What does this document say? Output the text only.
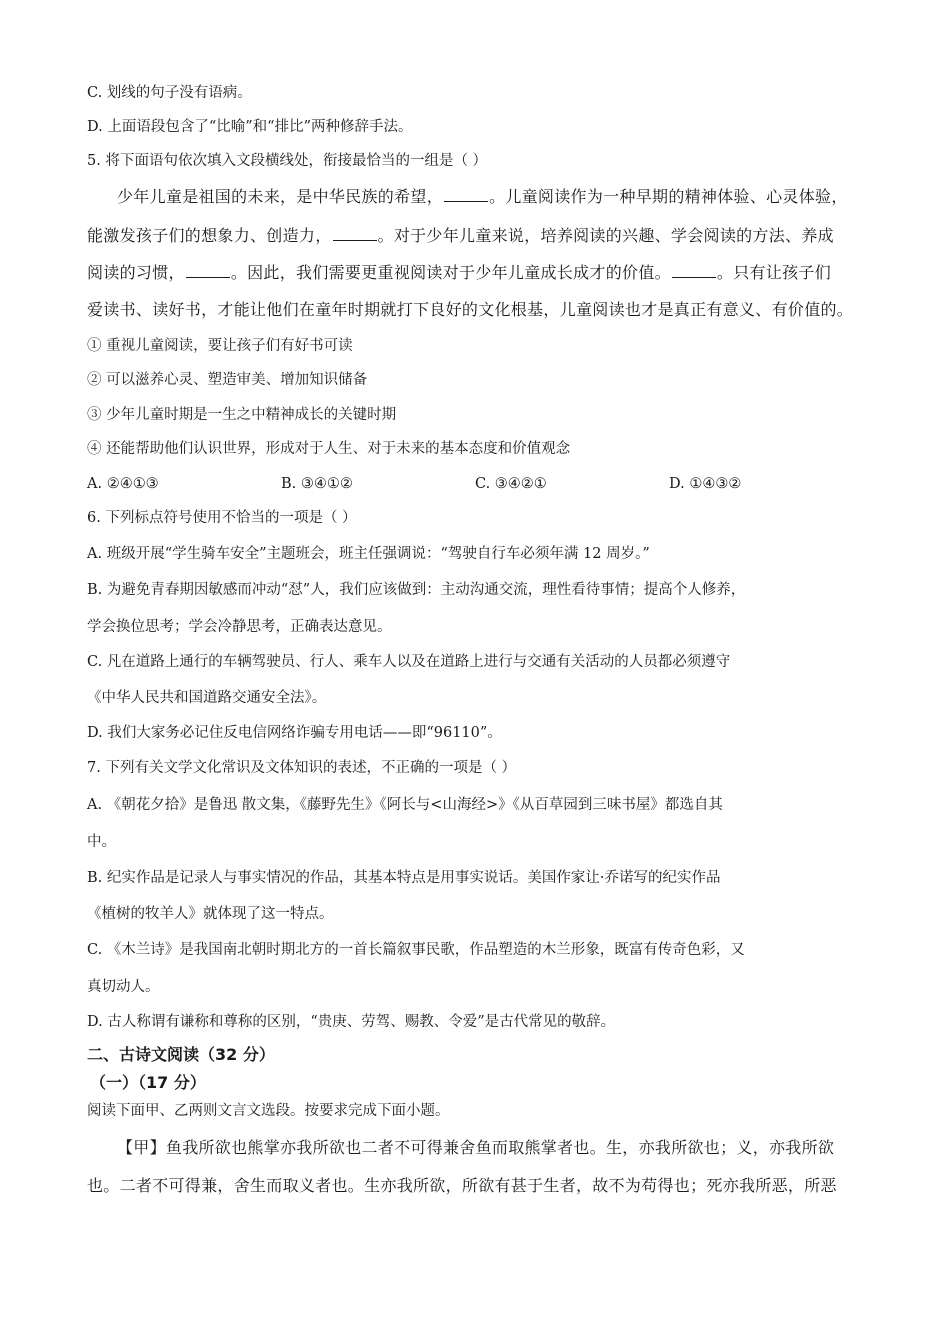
C. 划线的句子没有语病。
D. 上面语段包含了“比喻”和“排比”两种修辞手法。
5. 将下面语句依次填入文段横线处，衔接最恰当的一组是（ ）
少年儿童是祖国的未来，是中华民族的希望，	。儿童阅读作为一种早期的精神体验、心灵体验，
能激发孩子们的想象力、创造力，	。对于少年儿童来说，培养阅读的兴趣、学会阅读的方法、养成
阅读的习惯，	。因此，我们需要更重视阅读对于少年儿童成长成才的价值。	。只有让孩子们
爱读书、读好书，才能让他们在童年时期就打下良好的文化根基，儿童阅读也才是真正有意义、有价值的。
① 重视儿童阅读，要让孩子们有好书可读
② 可以滋养心灵、塑造审美、增加知识储备
③ 少年儿童时期是一生之中精神成长的关键时期
④ 还能帮助他们认识世界，形成对于人生、对于未来的基本态度和价值观念
A. ②④①③	B. ③④①②	C. ③④②①	D. ①④③②
6. 下列标点符号使用不恰当的一项是（ ）
A. 班级开展“学生骑车安全”主题班会，班主任强调说：“驾驶自行车必须年满 12 周岁。”
B. 为避免青春期因敏感而冲动“怼”人，我们应该做到：主动沟通交流，理性看待事情；提高个人修养，
学会换位思考；学会冷静思考，正确表达意见。
C. 凡在道路上通行的车辆驾驶员、行人、乘车人以及在道路上进行与交通有关活动的人员都必须遵守
《中华人民共和国道路交通安全法》。
D. 我们大家务必记住反电信网络诈骗专用电话——即“96110”。
7. 下列有关文学文化常识及文体知识的表述，不正确的一项是（ ）
A. 《朝花夕拾》是鲁迅 散文集，《藤野先生》《阿长与<山海经>》《从百草园到三味书屋》都选自其
中。
B. 纪实作品是记录人与事实情况的作品，其基本特点是用事实说话。美国作家让·乔诺写的纪实作品
《植树的牧羊人》就体现了这一特点。
C. 《木兰诗》是我国南北朝时期北方的一首长篇叙事民歌，作品塑造的木兰形象，既富有传奇色彩，又
真切动人。
D. 古人称谓有谦称和尊称的区别，“贵庚、劳驾、赐教、令爱”是古代常见的敬辞。
二、古诗文阅读（32 分）
（一）（17 分）
阅读下面甲、乙两则文言文选段。按要求完成下面小题。
【甲】鱼我所欲也熊掌亦我所欲也二者不可得兼舍鱼而取熊掌者也。生，亦我所欲也；义，亦我所欲
也。二者不可得兼，舍生而取义者也。生亦我所欲，所欲有甚于生者，故不为苟得也；死亦我所恶，所恶
